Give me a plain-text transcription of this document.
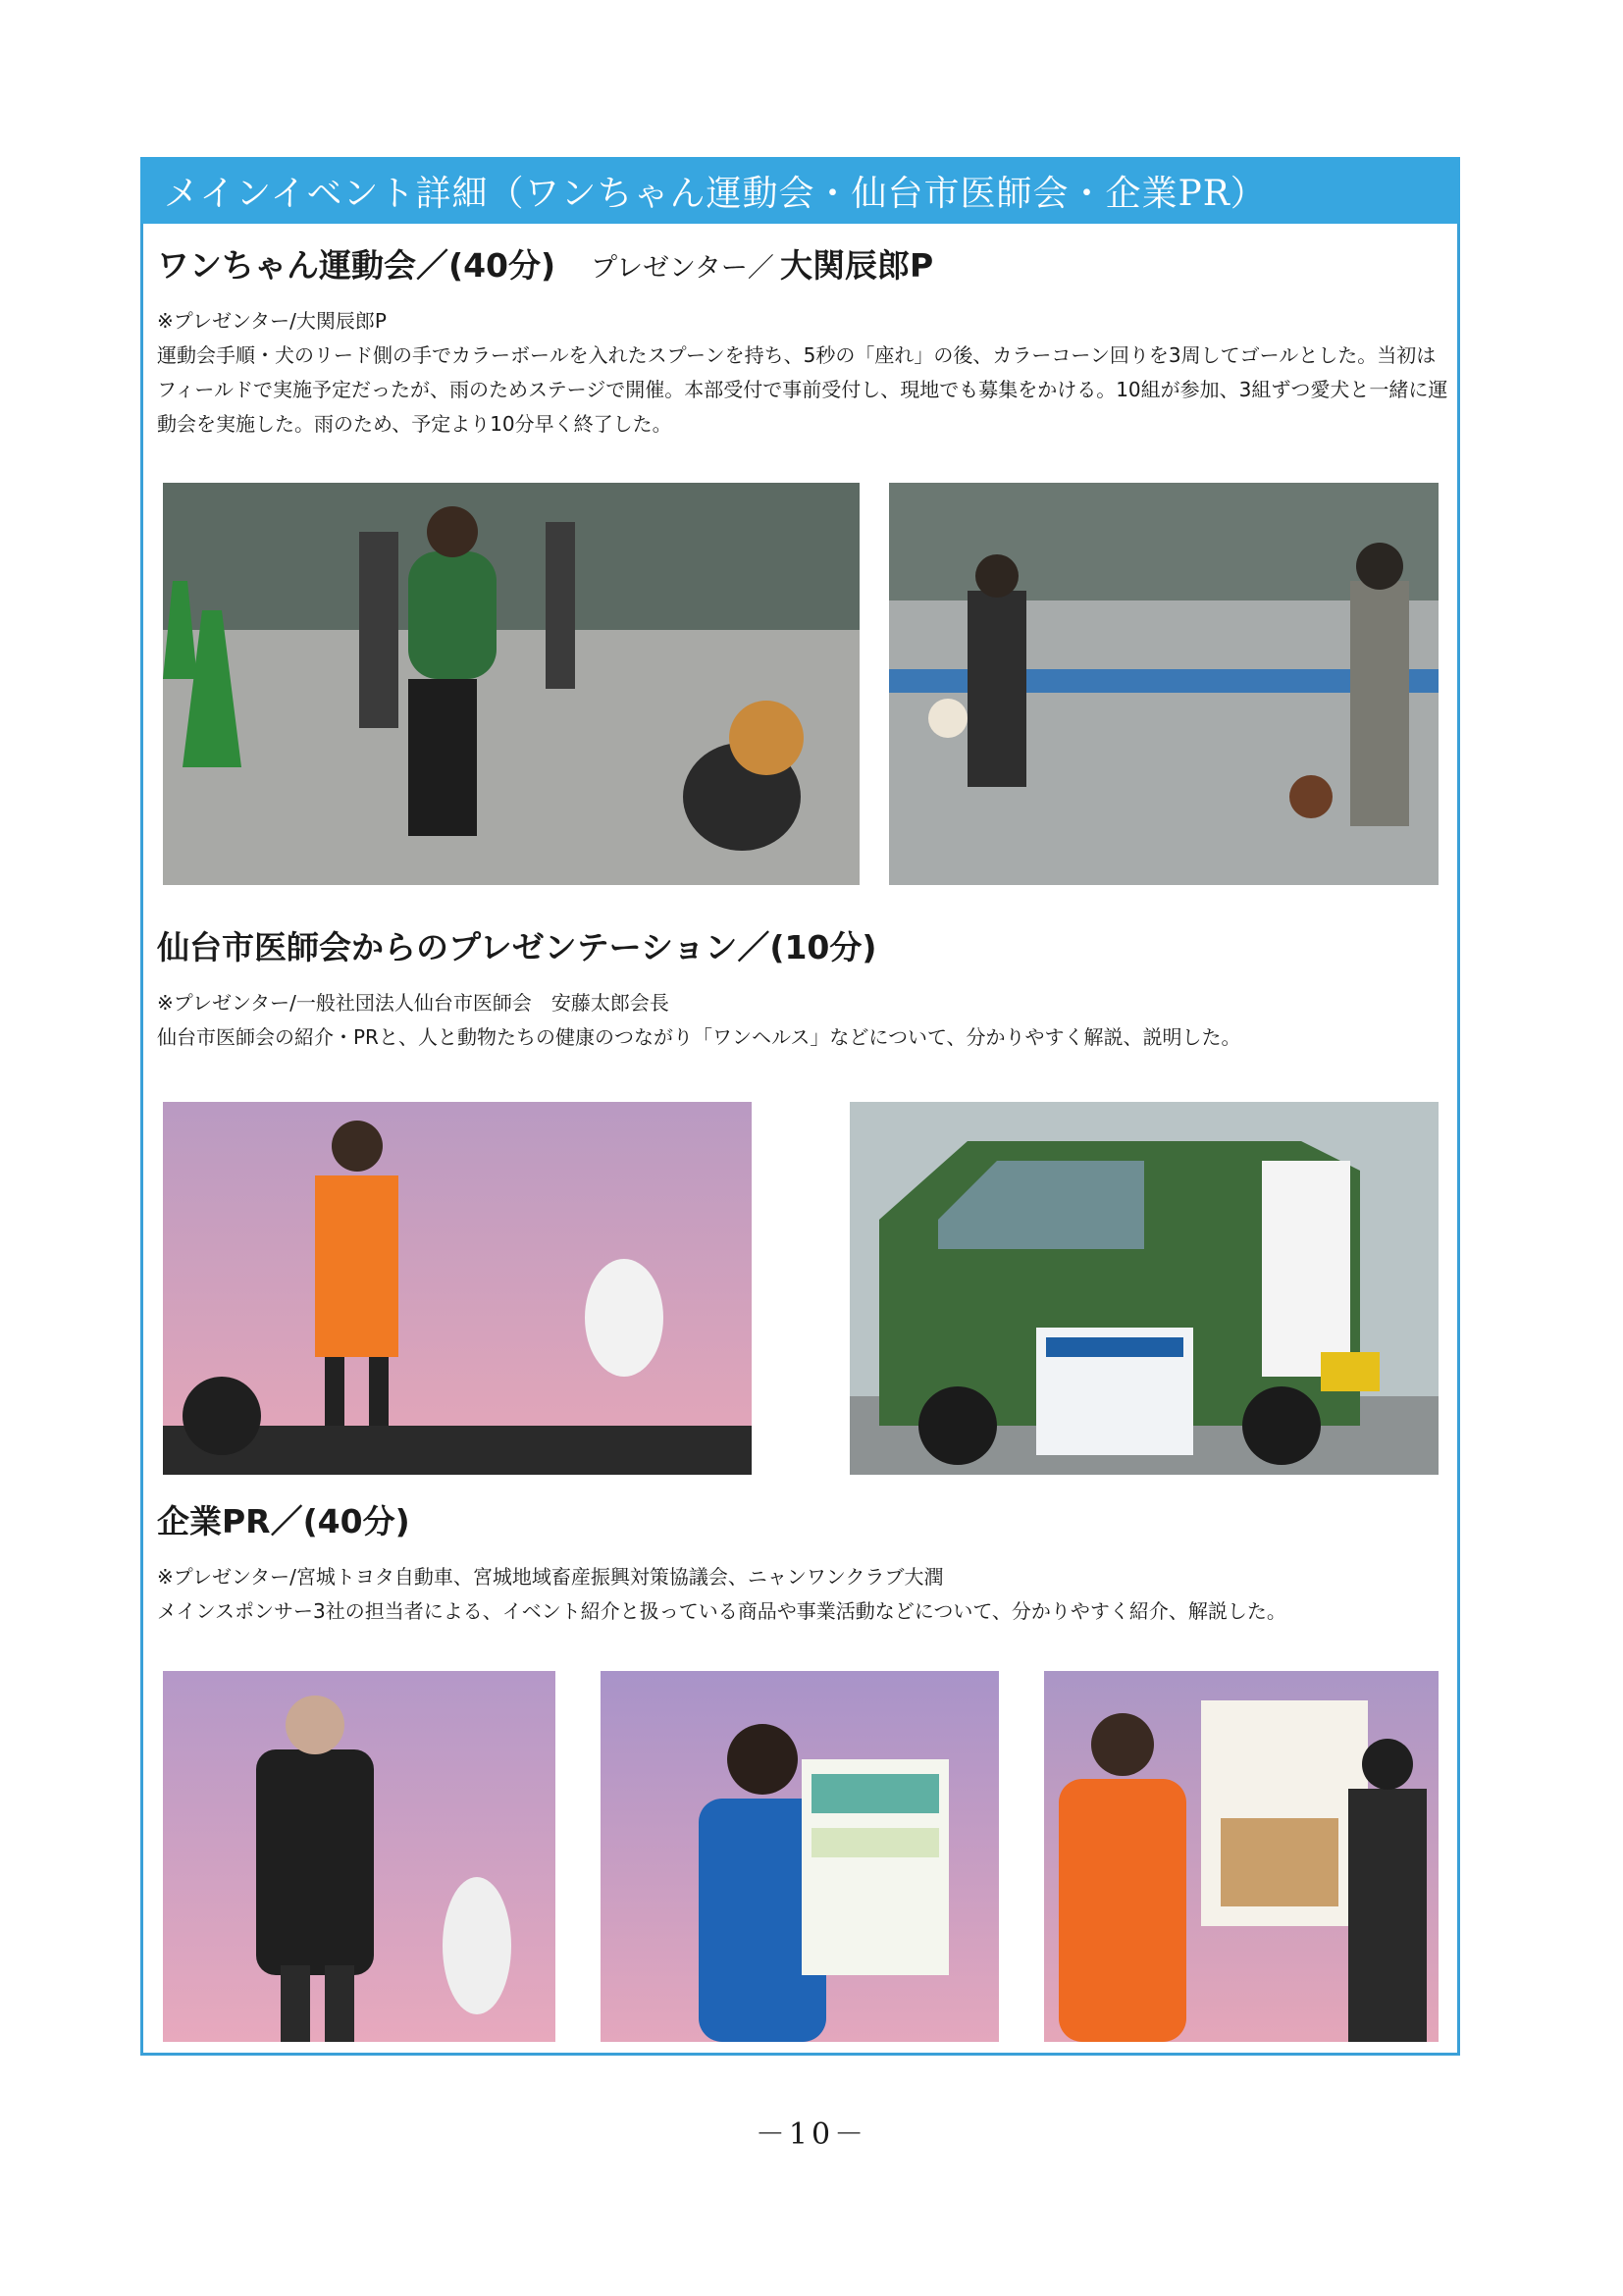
メインイベント詳細（ワンちゃん運動会・仙台市医師会・企業PR）
ワンちゃん運動会／(40分) プレゼンター／ 大関辰郎P

※プレゼンター/大関辰郎P

運動会手順・犬のリード側の手でカラーボールを入れたスプーンを持ち、5秒の「座れ」の後、カラーコーン回りを3周してゴールとした。当初はフィールドで実施予定だったが、雨のためステージで開催。本部受付で事前受付し、現地でも募集をかける。10組が参加、3組ずつ愛犬と一緒に運動会を実施した。雨のため、予定より10分早く終了した。

仙台市医師会からのプレゼンテーション／(10分)

※プレゼンター/一般社団法人仙台市医師会　安藤太郎会長

仙台市医師会の紹介・PRと、人と動物たちの健康のつながり「ワンヘルス」などについて、分かりやすく解説、説明した。

企業PR／(40分)

※プレゼンター/宮城トヨタ自動車、宮城地域畜産振興対策協議会、ニャンワンクラブ大潤

メインスポンサー3社の担当者による、イベント紹介と扱っている商品や事業活動などについて、分かりやすく紹介、解説した。

－10－
